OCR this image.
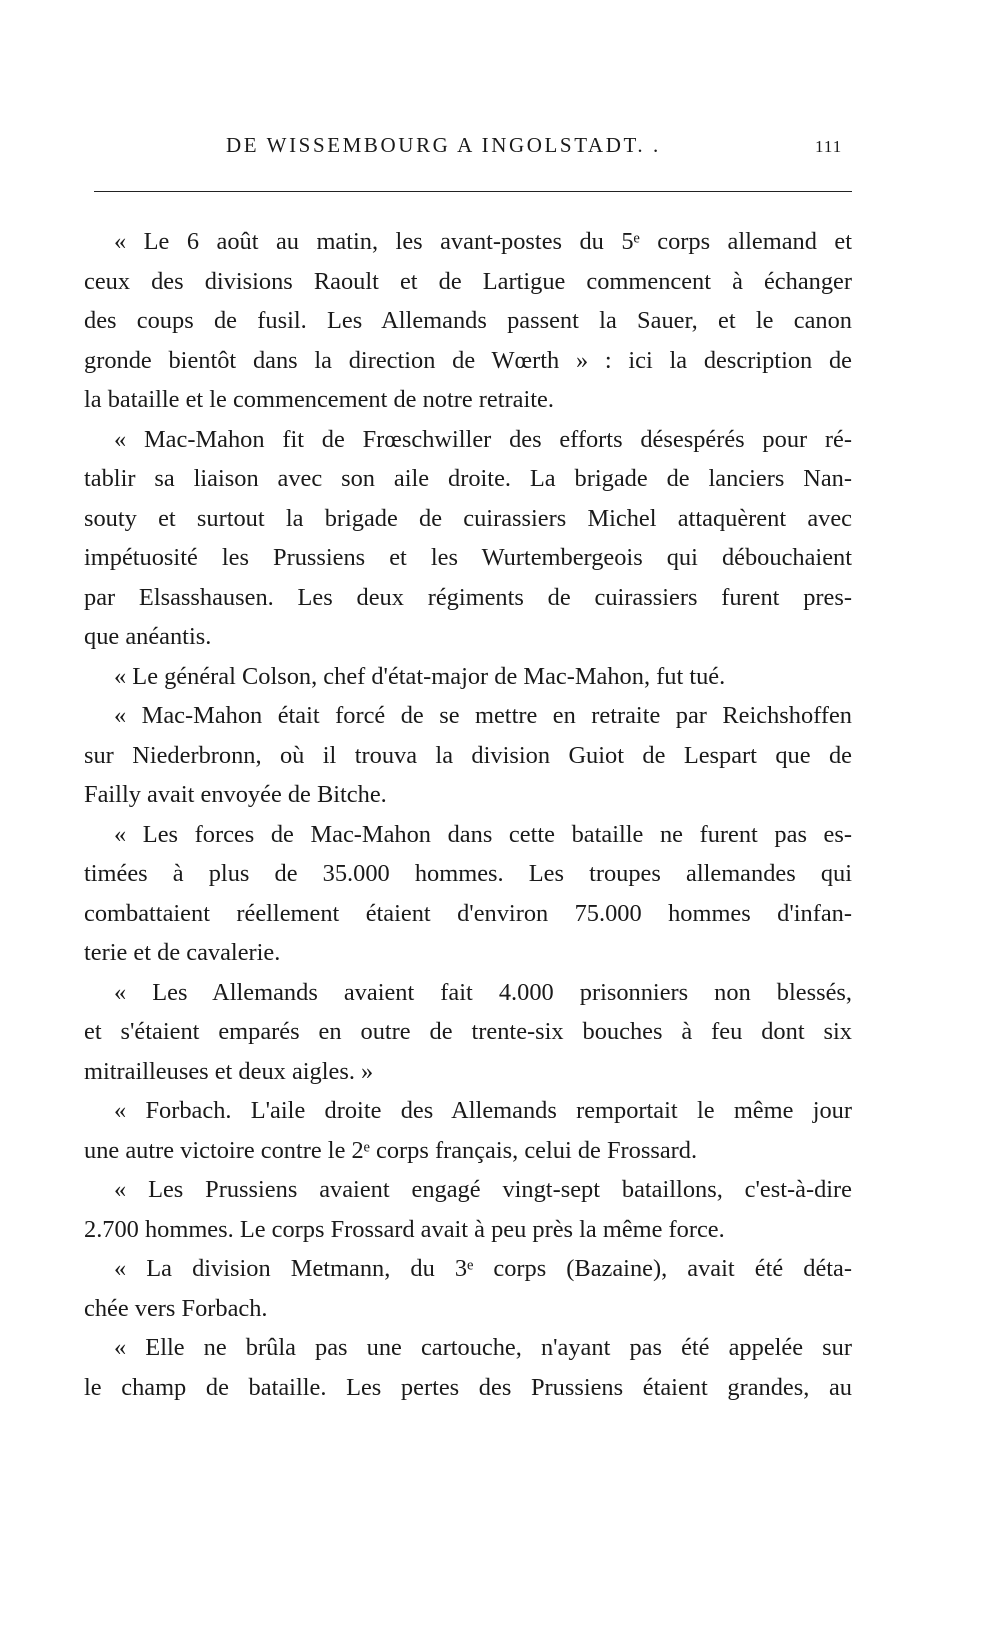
DE WISSEMBOURG A INGOLSTADT. .	111
« Le 6 août au matin, les avant-postes du 5ᵉ corps allemand et
ceux des divisions Raoult et de Lartigue commencent à échanger
des coups de fusil. Les Allemands passent la Sauer, et le canon
gronde bientôt dans la direction de Wœrth » : ici la description de
la bataille et le commencement de notre retraite.
« Mac-Mahon fit de Frœschwiller des efforts désespérés pour ré-
tablir sa liaison avec son aile droite. La brigade de lanciers Nan-
souty et surtout la brigade de cuirassiers Michel attaquèrent avec
impétuosité les Prussiens et les Wurtembergeois qui débouchaient
par Elsasshausen. Les deux régiments de cuirassiers furent pres-
que anéantis.
« Le général Colson, chef d'état-major de Mac-Mahon, fut tué.
« Mac-Mahon était forcé de se mettre en retraite par Reichshoffen
sur Niederbronn, où il trouva la division Guiot de Lespart que de
Failly avait envoyée de Bitche.
« Les forces de Mac-Mahon dans cette bataille ne furent pas es-
timées à plus de 35.000 hommes. Les troupes allemandes qui
combattaient réellement étaient d'environ 75.000 hommes d'infan-
terie et de cavalerie.
« Les Allemands avaient fait 4.000 prisonniers non blessés,
et s'étaient emparés en outre de trente-six bouches à feu dont six
mitrailleuses et deux aigles. »
« Forbach. L'aile droite des Allemands remportait le même jour
une autre victoire contre le 2ᵉ corps français, celui de Frossard.
« Les Prussiens avaient engagé vingt-sept bataillons, c'est-à-dire
2.700 hommes. Le corps Frossard avait à peu près la même force.
« La division Metmann, du 3ᵉ corps (Bazaine), avait été déta-
chée vers Forbach.
« Elle ne brûla pas une cartouche, n'ayant pas été appelée sur
le champ de bataille. Les pertes des Prussiens étaient grandes, au
